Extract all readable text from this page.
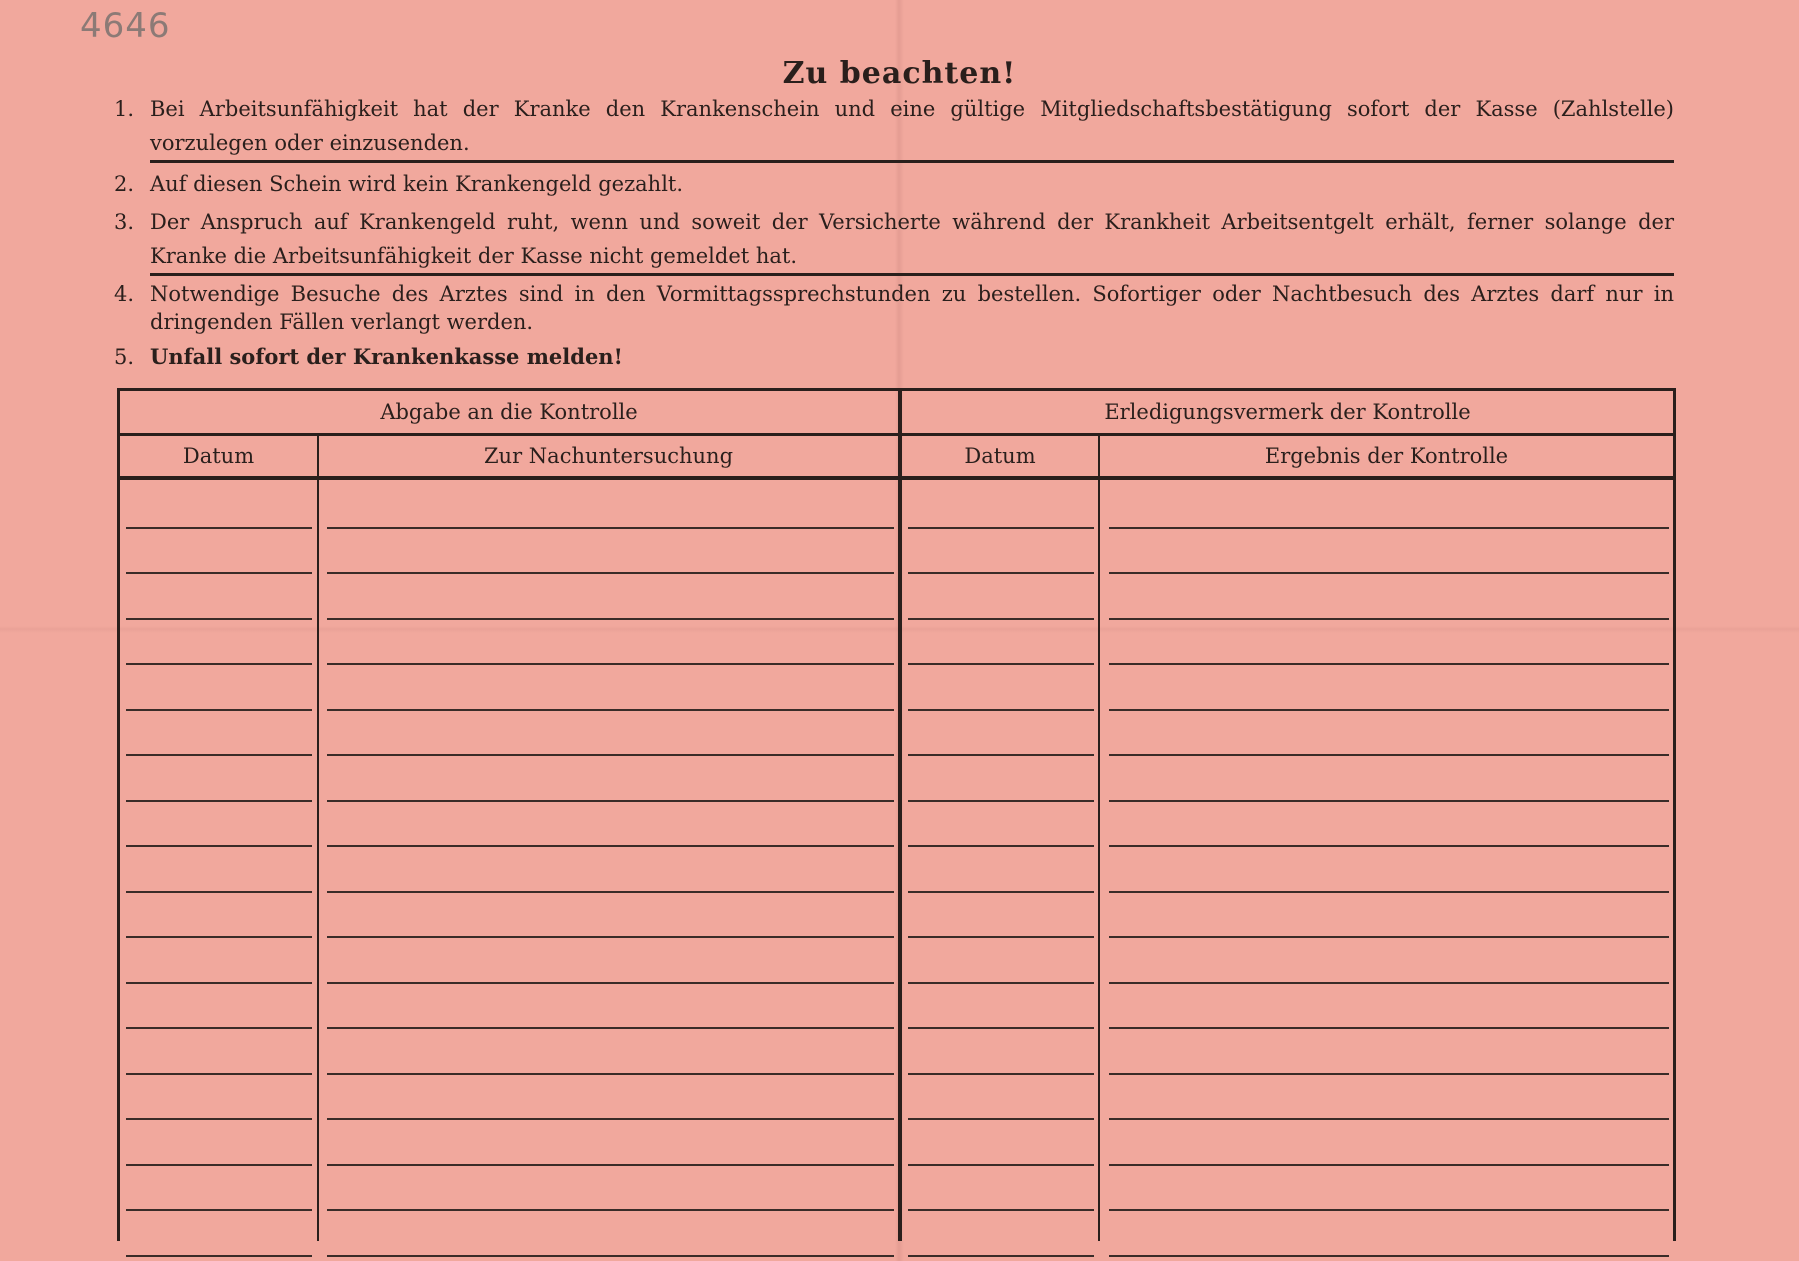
4646
Zu beachten!
1. Bei Arbeitsunfähigkeit hat der Kranke den Krankenschein und eine gültige Mitgliedschaftsbestätigung sofort der Kasse (Zahlstelle) vorzulegen oder einzusenden.
2. Auf diesen Schein wird kein Krankengeld gezahlt.
3. Der Anspruch auf Krankengeld ruht, wenn und soweit der Versicherte während der Krankheit Arbeitsentgelt erhält, ferner solange der Kranke die Arbeitsunfähigkeit der Kasse nicht gemeldet hat.
4. Notwendige Besuche des Arztes sind in den Vormittagssprechstunden zu bestellen. Sofortiger oder Nachtbesuch des Arztes darf nur in dringenden Fällen verlangt werden.
5. Unfall sofort der Krankenkasse melden!
Abgabe an die Kontrolle
Datum	Zur Nachuntersuchung
Erledigungsvermerk der Kontrolle
Datum	Ergebnis der Kontrolle
